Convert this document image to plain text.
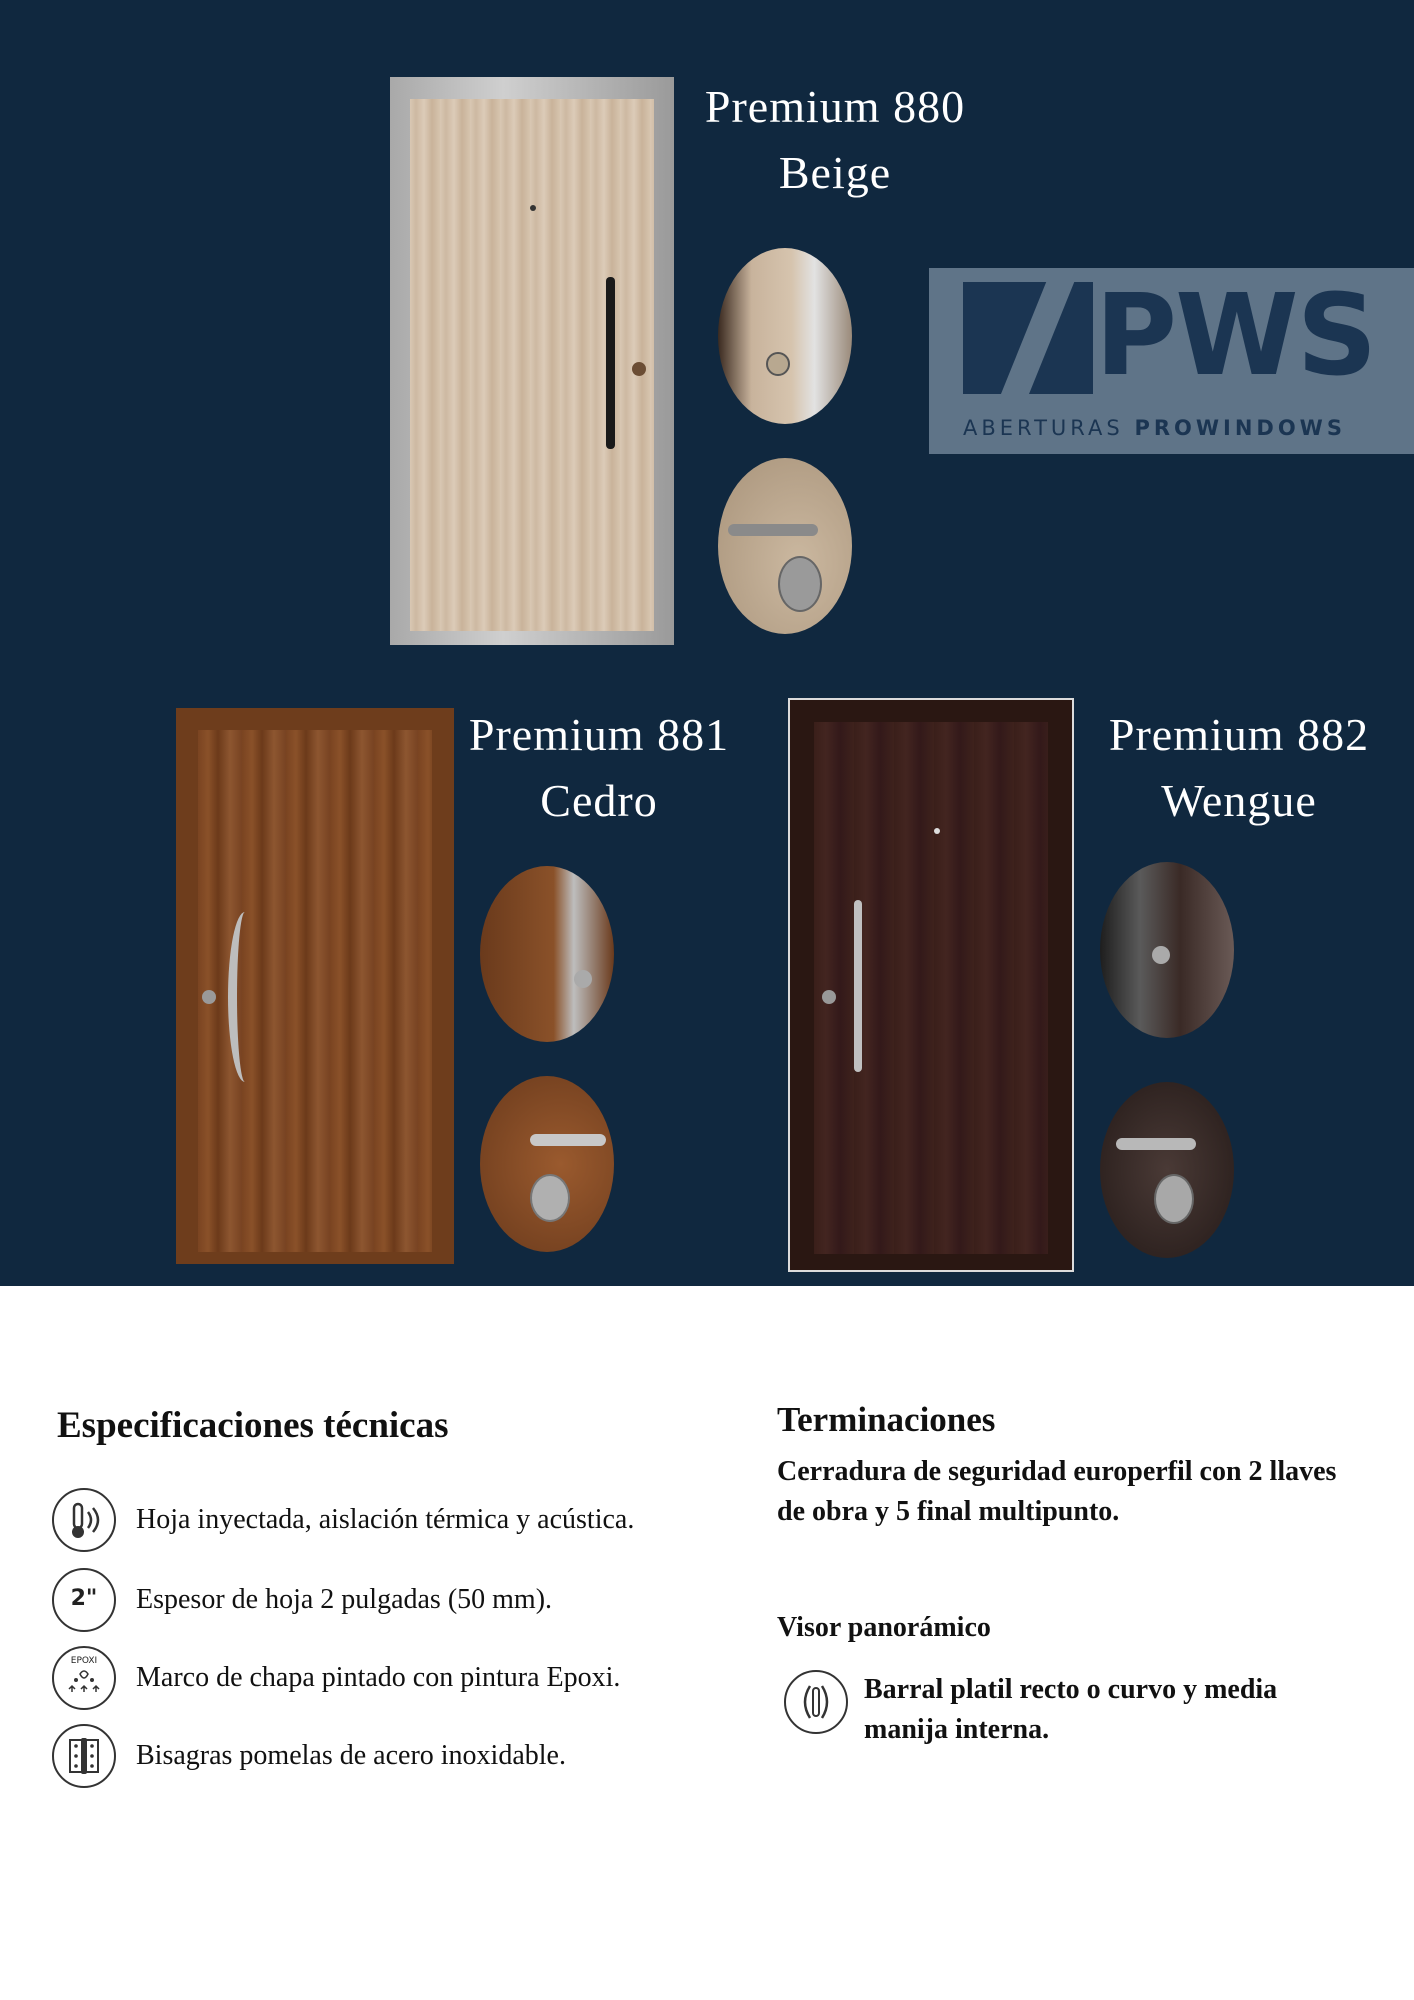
Premium 880
Beige
PWS
ABERTURAS PROWINDOWS
Premium 881
Cedro
Premium 882
Wengue
Especificaciones técnicas
Hoja inyectada, aislación térmica y acústica.
2"	Espesor de hoja 2 pulgadas (50 mm).
EPOXI
Marco de chapa pintado con pintura Epoxi.
Bisagras pomelas de acero inoxidable.
Terminaciones
Cerradura de seguridad europerfil con 2 llaves de obra y 5 final multipunto.
Visor panorámico
Barral platil recto o curvo y media manija interna.
